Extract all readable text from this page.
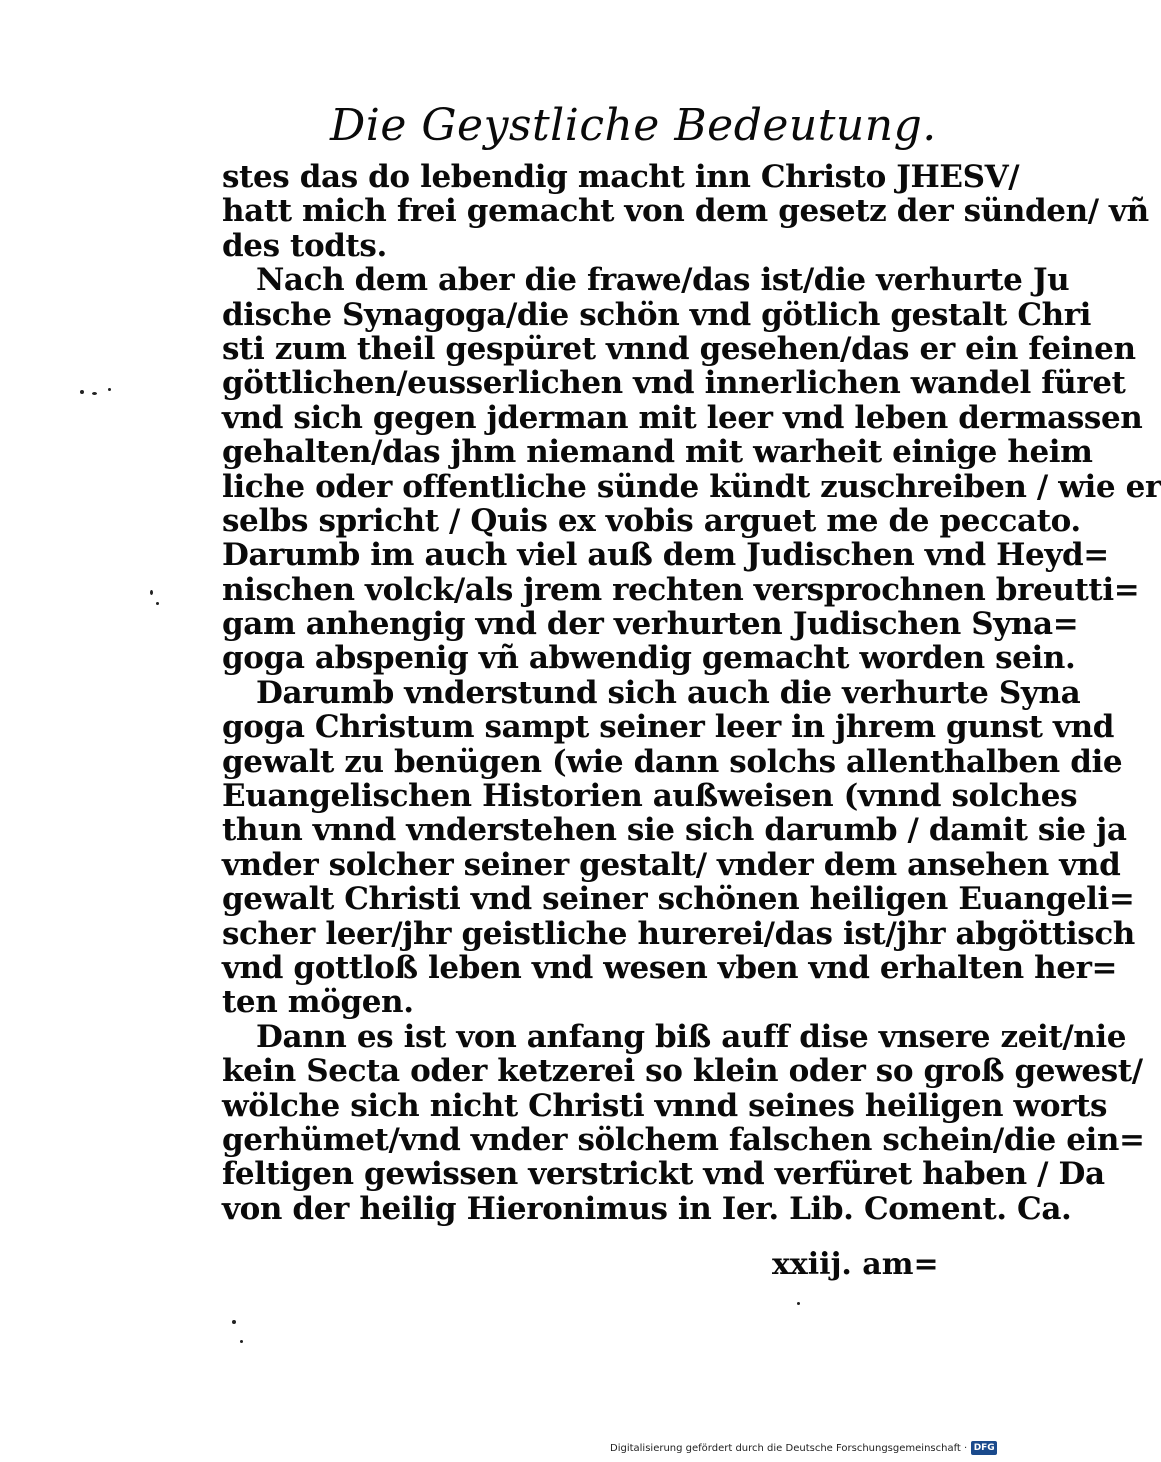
Die Geystliche Bedeutung.
stes das do lebendig macht inn Christo JHESV/
hatt mich frei gemacht von dem gesetz der sünden/ vñ
des todts.
Nach dem aber die frawe/das ist/die verhurte Ju
dische Synagoga/die schön vnd götlich gestalt Chri
sti zum theil gespüret vnnd gesehen/das er ein feinen
göttlichen/eusserlichen vnd innerlichen wandel füret
vnd sich gegen jderman mit leer vnd leben dermassen
gehalten/das jhm niemand mit warheit einige heim
liche oder offentliche sünde kündt zuschreiben / wie er
selbs spricht / Quis ex vobis arguet me de peccato.
Darumb im auch viel auß dem Judischen vnd Heyd=
nischen volck/als jrem rechten versprochnen breutti=
gam anhengig vnd der verhurten Judischen Syna=
goga abspenig vñ abwendig gemacht worden sein.
Darumb vnderstund sich auch die verhurte Syna
goga Christum sampt seiner leer in jhrem gunst vnd
gewalt zu benügen (wie dann solchs allenthalben die
Euangelischen Historien außweisen (vnnd solches
thun vnnd vnderstehen sie sich darumb / damit sie ja
vnder solcher seiner gestalt/ vnder dem ansehen vnd
gewalt Christi vnd seiner schönen heiligen Euangeli=
scher leer/jhr geistliche hurerei/das ist/jhr abgöttisch
vnd gottloß leben vnd wesen vben vnd erhalten her=
ten mögen.
Dann es ist von anfang biß auff dise vnsere zeit/nie
kein Secta oder ketzerei so klein oder so groß gewest/
wölche sich nicht Christi vnnd seines heiligen worts
gerhümet/vnd vnder sölchem falschen schein/die ein=
feltigen gewissen verstrickt vnd verfüret haben / Da
von der heilig Hieronimus in Ier. Lib. Coment. Ca.
xxiij. am=
Digitalisierung gefördert durch die Deutsche Forschungsgemeinschaft · DFG
